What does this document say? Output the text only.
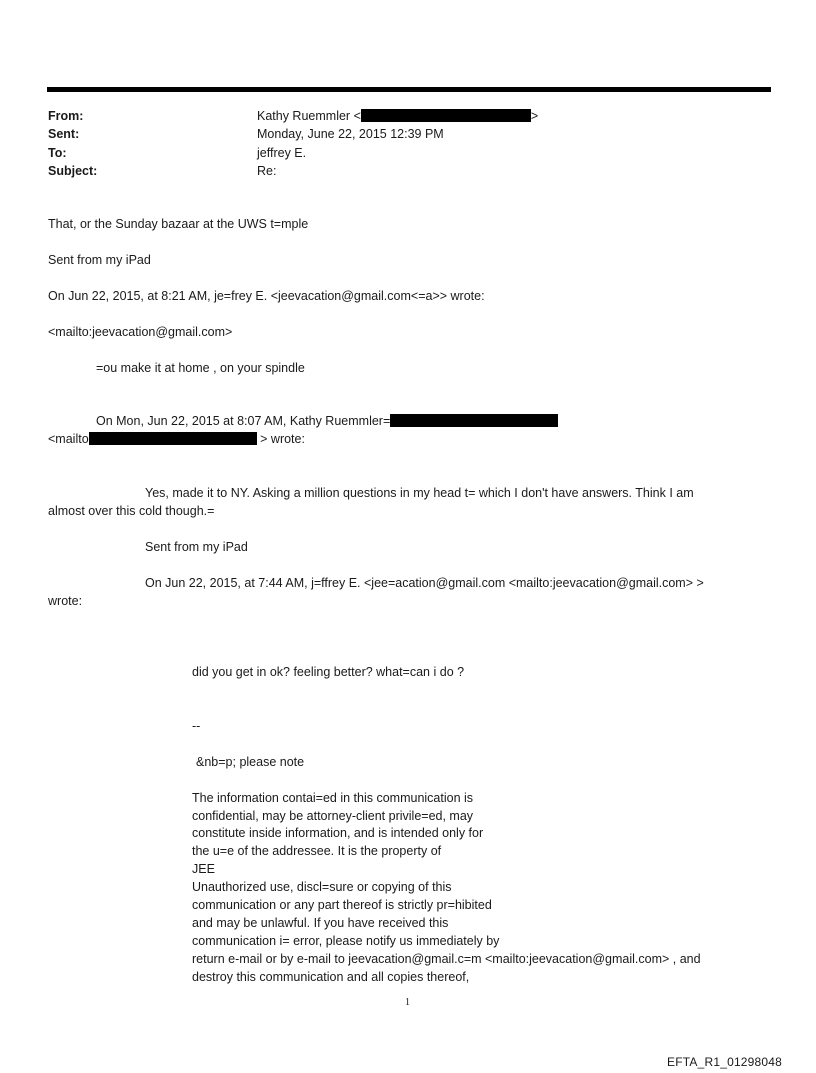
From:	Kathy Ruemmler <	>
Sent:	Monday, June 22, 2015 12:39 PM
To:	jeffrey E.
Subject:	Re:
That, or the Sunday bazaar at the UWS t=mple
Sent from my iPad
On Jun 22, 2015, at 8:21 AM, je=frey E. <jeevacation@gmail.com<=a>> wrote:
<mailto:jeevacation@gmail.com>
=ou make it at home , on your spindle
On Mon, Jun 22, 2015 at 8:07 AM, Kathy Ruemmler=
<mailto	> wrote:
Yes, made it to NY. Asking a million questions in my head t= which I don't have answers. Think I am
almost over this cold though.=
Sent from my iPad
On Jun 22, 2015, at 7:44 AM, j=ffrey E. <jee=acation@gmail.com <mailto:jeevacation@gmail.com> >
wrote:
did you get in ok? feeling better? what=can i do ?
--
&nb=p; please note
The information contai=ed in this communication is
confidential, may be attorney-client privile=ed, may
constitute inside information, and is intended only for
the u=e of the addressee. It is the property of
JEE
Unauthorized use, discl=sure or copying of this
communication or any part thereof is strictly pr=hibited
and may be unlawful. If you have received this
communication i= error, please notify us immediately by
return e-mail or by e-mail to jeevacation@gmail.c=m <mailto:jeevacation@gmail.com> , and
destroy this communication and all copies thereof,
1
EFTA_R1_01298048
